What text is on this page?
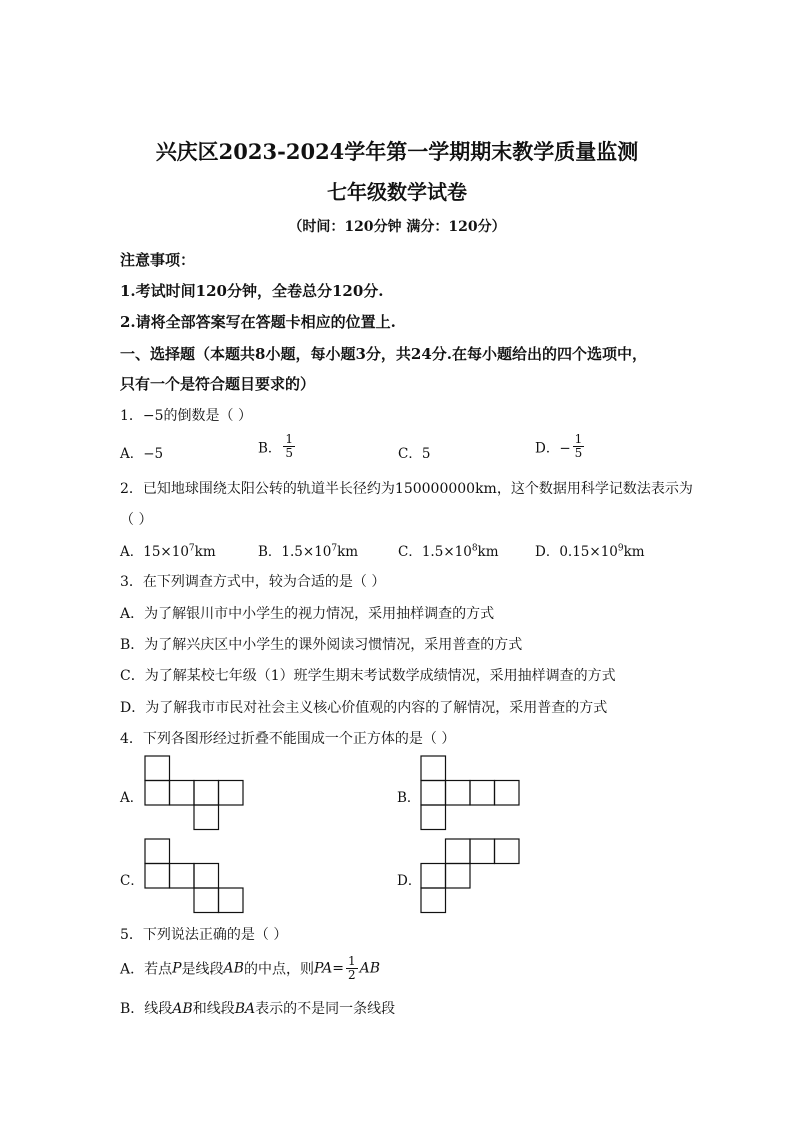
兴庆区2023-2024学年第一学期期末教学质量监测
七年级数学试卷
（时间：120分钟 满分：120分）
注意事项：
1.考试时间120分钟，全卷总分120分.
2.请将全部答案写在答题卡相应的位置上.
一、选择题（本题共8小题，每小题3分，共24分.在每小题给出的四个选项中，
只有一个是符合题目要求的）
1．−5的倒数是（ ）
A．−5	B． $\frac{1}{5}$	C．5	D．− $\frac{1}{5}$
2．已知地球围绕太阳公转的轨道半长径约为150000000km，这个数据用科学记数法表示为
（ ）
A．$15\times 10^7km$	B．$1.5\times 10^7km$	C．$1.5\times 10^8km$	D．$0.15\times 10^9km$
3．在下列调查方式中，较为合适的是（ ）
A．为了解银川市中小学生的视力情况，采用抽样调查的方式
B．为了解兴庆区中小学生的课外阅读习惯情况，采用普查的方式
C．为了解某校七年级（1）班学生期末考试数学成绩情况，采用抽样调查的方式
D．为了解我市市民对社会主义核心价值观的内容的了解情况，采用普查的方式
4．下列各图形经过折叠不能围成一个正方体的是（ ）
A．	B．
C．	D．
5．下列说法正确的是（ ）
A．若点P是线段AB的中点，则$PA= \frac{1}{2}$ AB
B．线段AB和线段BA表示的不是同一条线段
